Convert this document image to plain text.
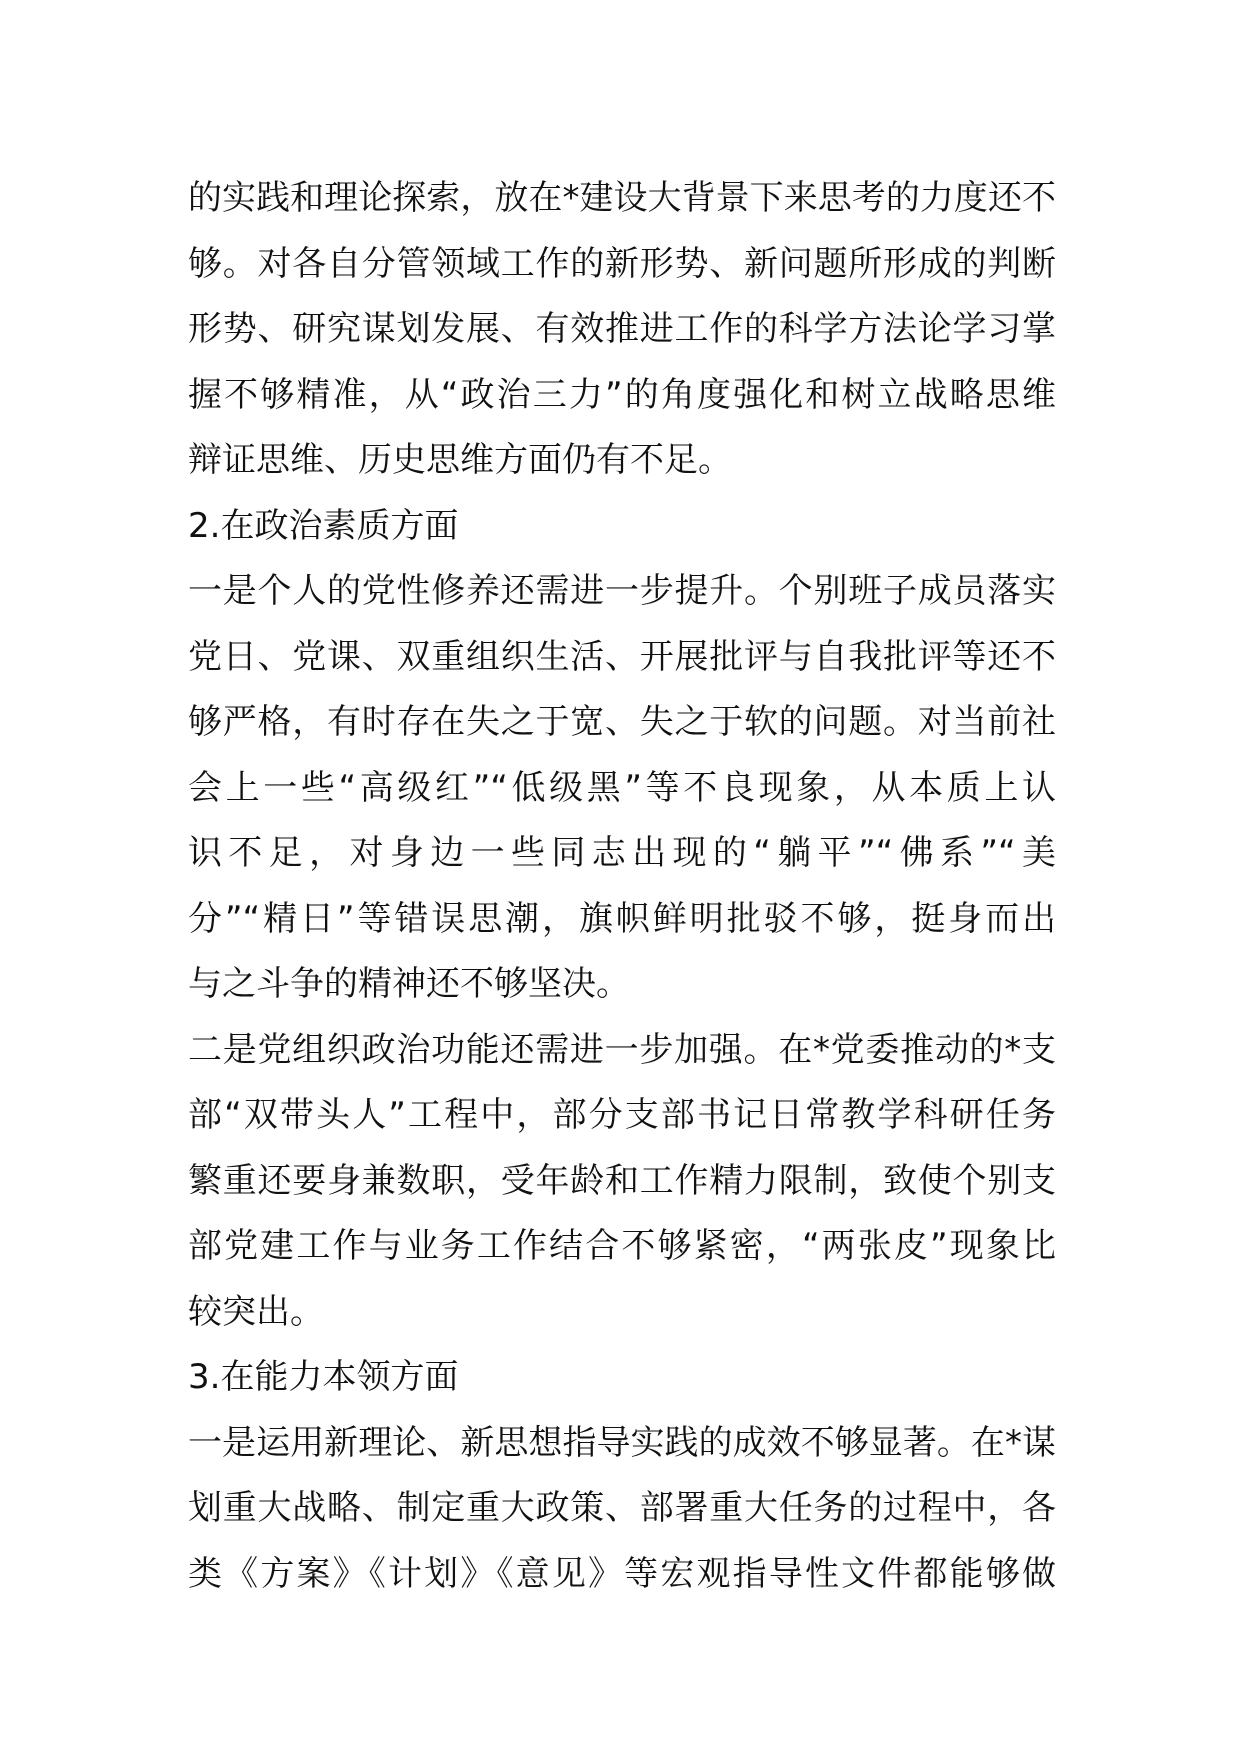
的实践和理论探索，放在*建设大背景下来思考的力度还不
够。对各自分管领域工作的新形势、新问题所形成的判断
形势、研究谋划发展、有效推进工作的科学方法论学习掌
握不够精准，从“政治三力”的角度强化和树立战略思维
辩证思维、历史思维方面仍有不足。
2.在政治素质方面
一是个人的党性修养还需进一步提升。个别班子成员落实
党日、党课、双重组织生活、开展批评与自我批评等还不
够严格，有时存在失之于宽、失之于软的问题。对当前社
会上一些“高级红”“低级黑”等不良现象，从本质上认
识不足，对身边一些同志出现的“躺平”“佛系”“美
分”“精日”等错误思潮，旗帜鲜明批驳不够，挺身而出
与之斗争的精神还不够坚决。
二是党组织政治功能还需进一步加强。在*党委推动的*支
部“双带头人”工程中，部分支部书记日常教学科研任务
繁重还要身兼数职，受年龄和工作精力限制，致使个别支
部党建工作与业务工作结合不够紧密，“两张皮”现象比
较突出。
3.在能力本领方面
一是运用新理论、新思想指导实践的成效不够显著。在*谋
划重大战略、制定重大政策、部署重大任务的过程中，各
类《方案》《计划》《意见》等宏观指导性文件都能够做
